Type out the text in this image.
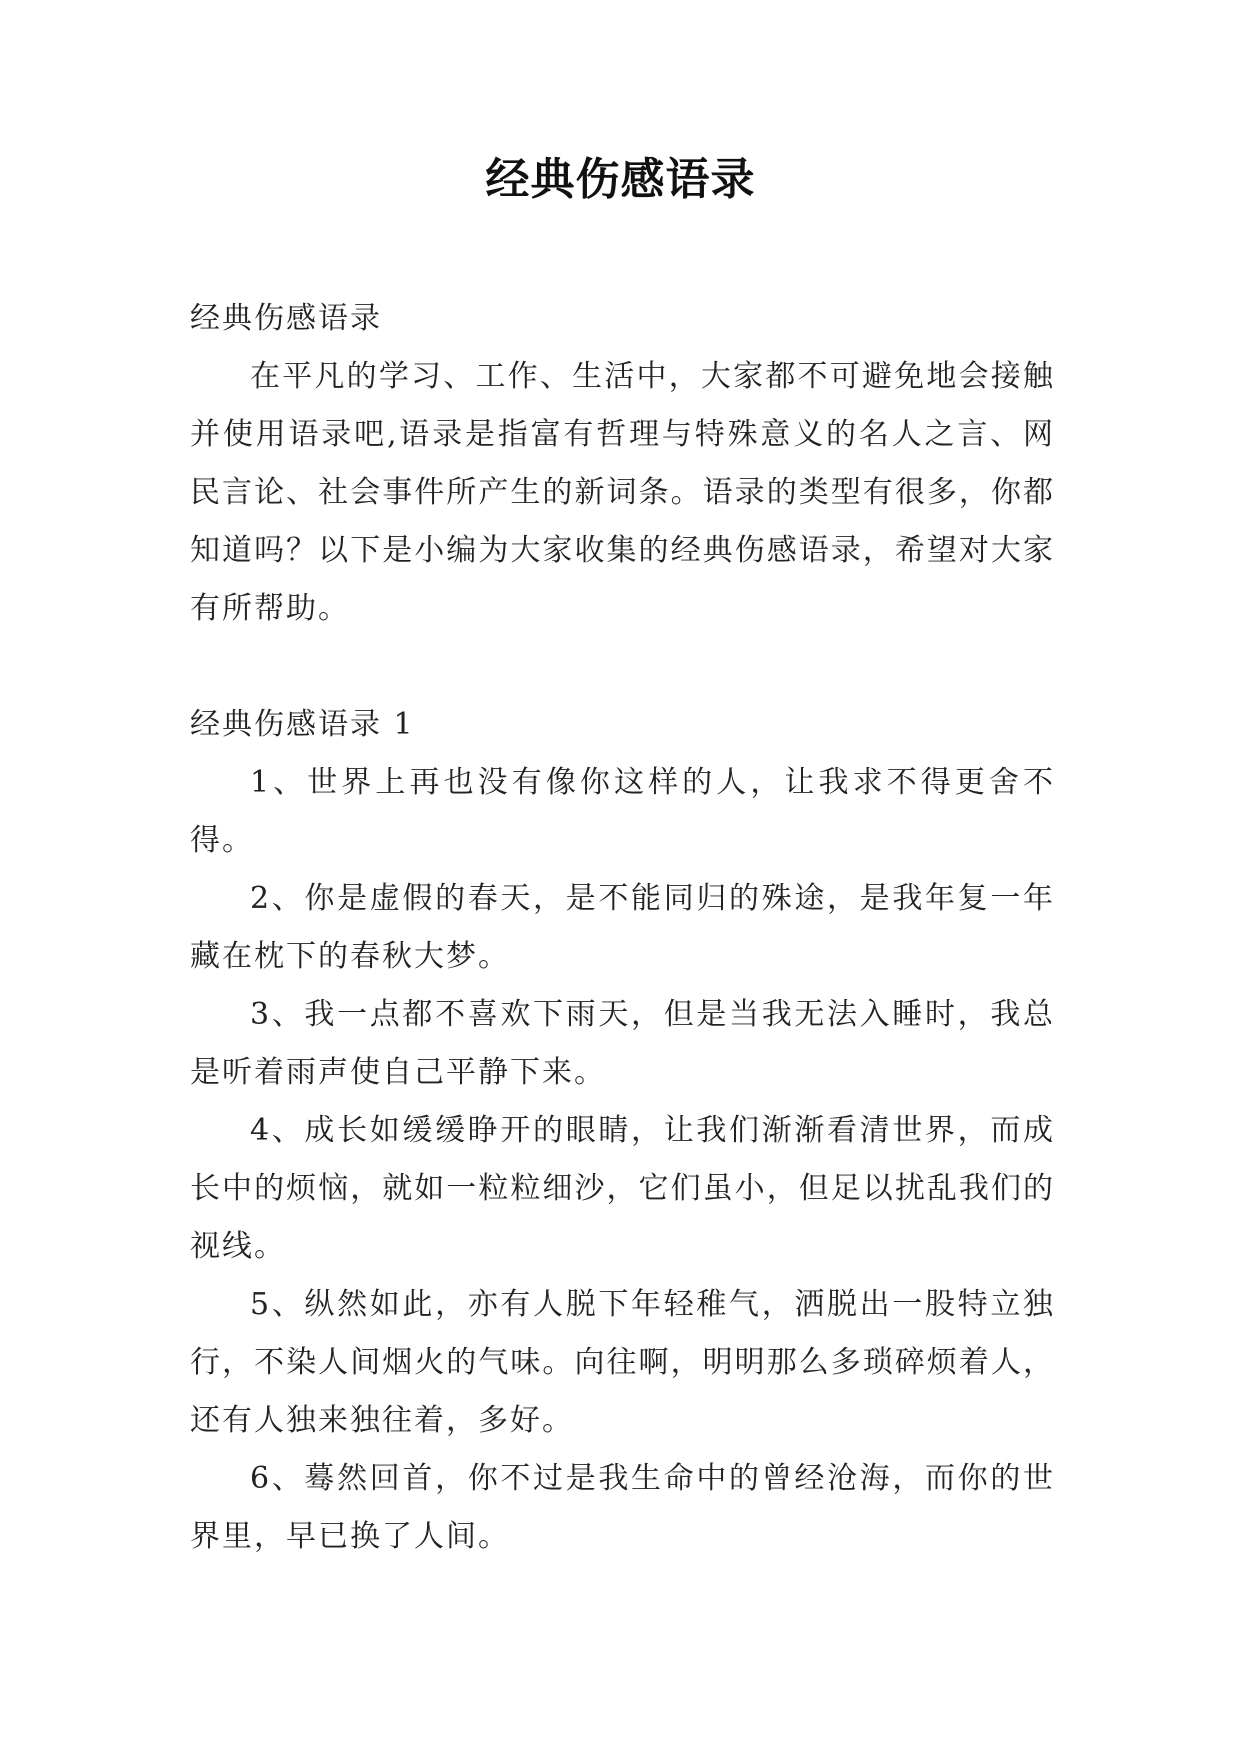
经典伤感语录

经典伤感语录

在平凡的学习、工作、生活中，大家都不可避免地会接触并使用语录吧,语录是指富有哲理与特殊意义的名人之言、网民言论、社会事件所产生的新词条。语录的类型有很多，你都知道吗？以下是小编为大家收集的经典伤感语录，希望对大家有所帮助。

经典伤感语录 1

1、世界上再也没有像你这样的人，让我求不得更舍不得。

2、你是虚假的春天，是不能同归的殊途，是我年复一年藏在枕下的春秋大梦。

3、我一点都不喜欢下雨天，但是当我无法入睡时，我总是听着雨声使自己平静下来。

4、成长如缓缓睁开的眼睛，让我们渐渐看清世界，而成长中的烦恼，就如一粒粒细沙，它们虽小，但足以扰乱我们的视线。

5、纵然如此，亦有人脱下年轻稚气，洒脱出一股特立独行，不染人间烟火的气味。向往啊，明明那么多琐碎烦着人，还有人独来独往着，多好。

6、蓦然回首，你不过是我生命中的曾经沧海，而你的世界里，早已换了人间。
